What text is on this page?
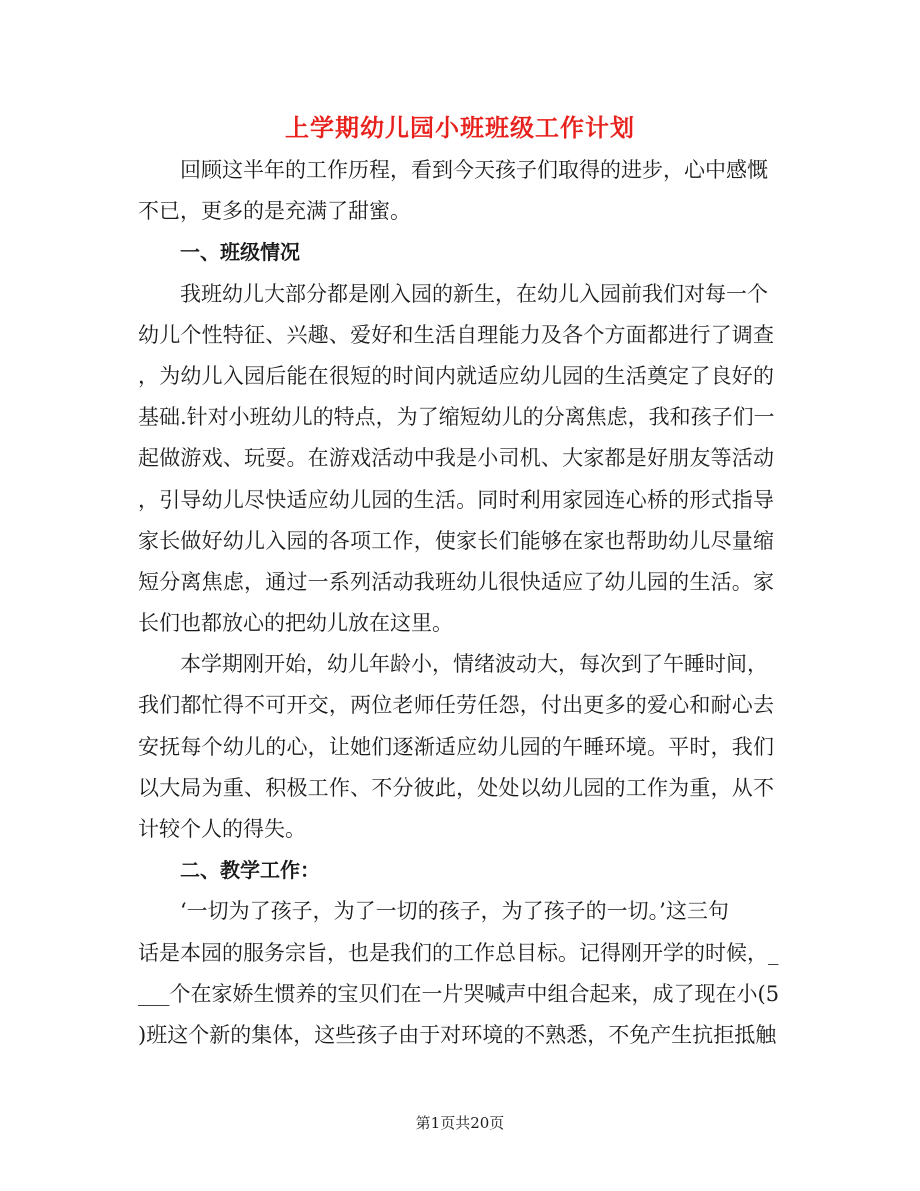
上学期幼儿园小班班级工作计划
回顾这半年的工作历程，看到今天孩子们取得的进步，心中感慨
不已，更多的是充满了甜蜜。
一、班级情况
我班幼儿大部分都是刚入园的新生，在幼儿入园前我们对每一个
幼儿个性特征、兴趣、爱好和生活自理能力及各个方面都进行了调查
，为幼儿入园后能在很短的时间内就适应幼儿园的生活奠定了良好的
基础.针对小班幼儿的特点，为了缩短幼儿的分离焦虑，我和孩子们一
起做游戏、玩耍。在游戏活动中我是小司机、大家都是好朋友等活动
，引导幼儿尽快适应幼儿园的生活。同时利用家园连心桥的形式指导
家长做好幼儿入园的各项工作，使家长们能够在家也帮助幼儿尽量缩
短分离焦虑，通过一系列活动我班幼儿很快适应了幼儿园的生活。家
长们也都放心的把幼儿放在这里。
本学期刚开始，幼儿年龄小，情绪波动大，每次到了午睡时间，
我们都忙得不可开交，两位老师任劳任怨，付出更多的爱心和耐心去
安抚每个幼儿的心，让她们逐渐适应幼儿园的午睡环境。平时，我们
以大局为重、积极工作、不分彼此，处处以幼儿园的工作为重，从不
计较个人的得失。
二、教学工作：
‘一切为了孩子，为了一切的孩子，为了孩子的一切。’这三句
话是本园的服务宗旨，也是我们的工作总目标。记得刚开学的时候，_
___个在家娇生惯养的宝贝们在一片哭喊声中组合起来，成了现在小(5
)班这个新的集体，这些孩子由于对环境的不熟悉，不免产生抗拒抵触
第1页共20页
